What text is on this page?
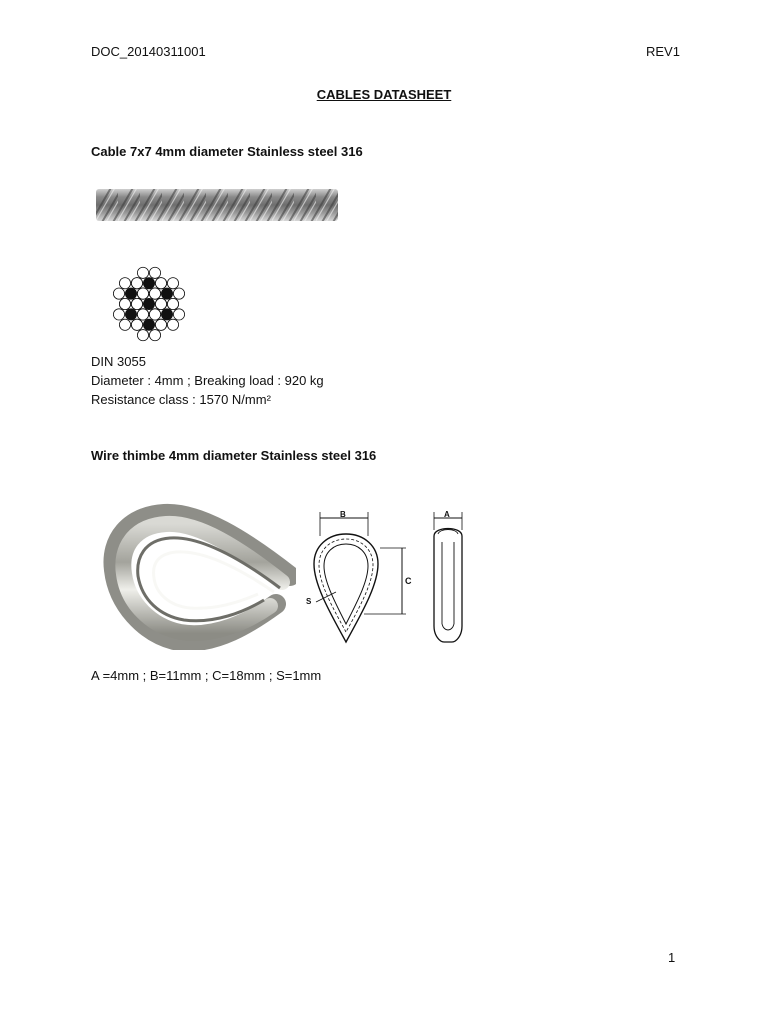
DOC_20140311001	REV1
CABLES DATASHEET
Cable 7x7 4mm diameter Stainless steel 316
DIN 3055
Diameter : 4mm ; Breaking load : 920 kg
Resistance class : 1570 N/mm²
Wire thimbe 4mm diameter Stainless steel 316
B
C
S
A
A =4mm ; B=11mm ; C=18mm ; S=1mm
1
